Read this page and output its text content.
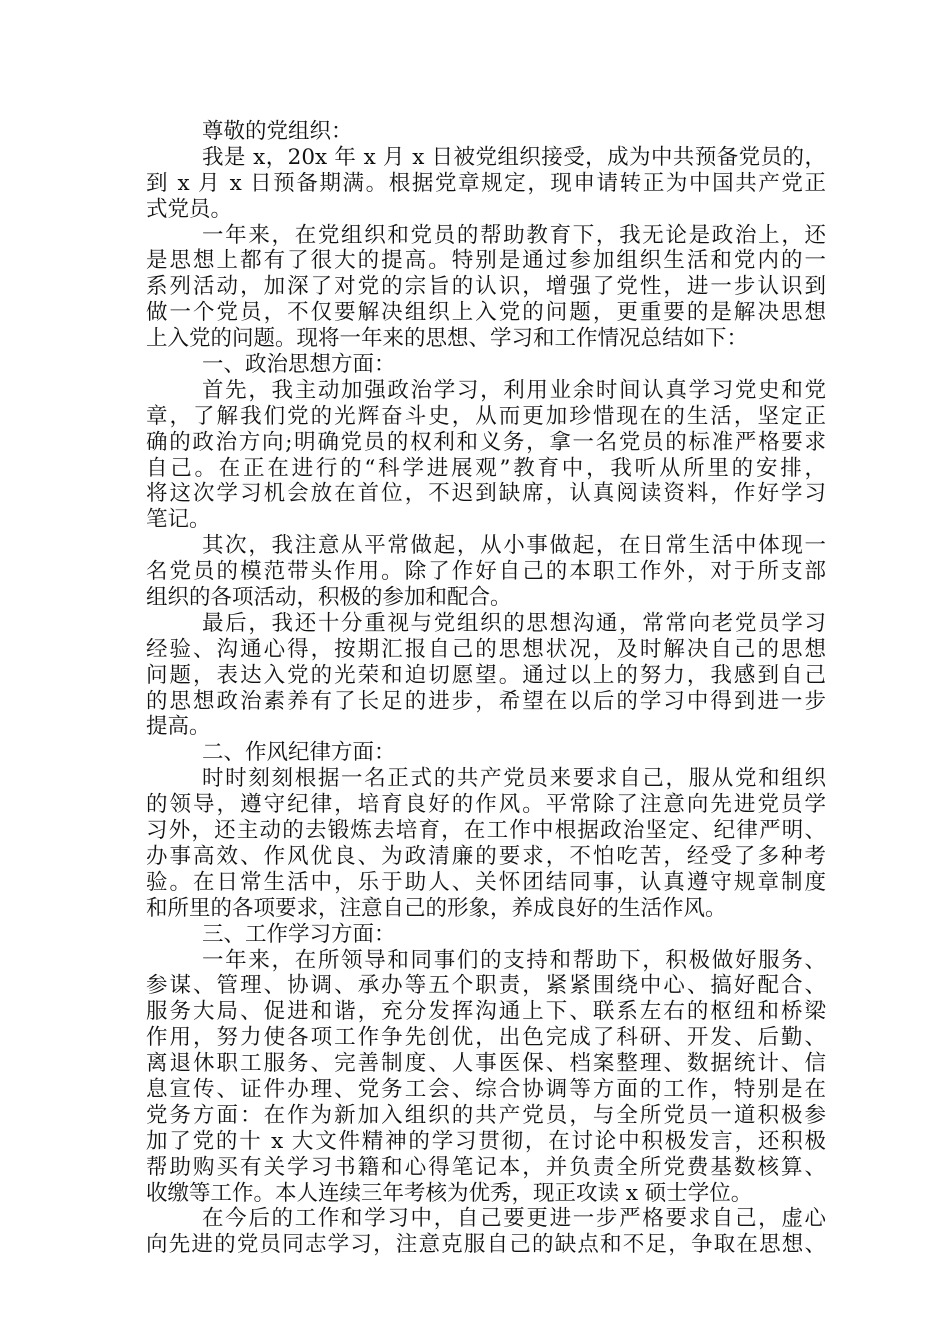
尊敬的党组织：
我是 x，20x 年 x 月 x 日被党组织接受，成为中共预备党员的，
到 x 月 x 日预备期满。根据党章规定，现申请转正为中国共产党正
式党员。
一年来，在党组织和党员的帮助教育下，我无论是政治上，还
是思想上都有了很大的提高。特别是通过参加组织生活和党内的一
系列活动，加深了对党的宗旨的认识，增强了党性，进一步认识到
做一个党员，不仅要解决组织上入党的问题，更重要的是解决思想
上入党的问题。现将一年来的思想、学习和工作情况总结如下：
一、政治思想方面：
首先，我主动加强政治学习，利用业余时间认真学习党史和党
章，了解我们党的光辉奋斗史，从而更加珍惜现在的生活，坚定正
确的政治方向;明确党员的权利和义务，拿一名党员的标准严格要求
自己。在正在进行的“科学进展观”教育中，我听从所里的安排，
将这次学习机会放在首位，不迟到缺席，认真阅读资料，作好学习
笔记。
其次，我注意从平常做起，从小事做起，在日常生活中体现一
名党员的模范带头作用。除了作好自己的本职工作外，对于所支部
组织的各项活动，积极的参加和配合。
最后，我还十分重视与党组织的思想沟通，常常向老党员学习
经验、沟通心得，按期汇报自己的思想状况，及时解决自己的思想
问题，表达入党的光荣和迫切愿望。通过以上的努力，我感到自己
的思想政治素养有了长足的进步，希望在以后的学习中得到进一步
提高。
二、作风纪律方面：
时时刻刻根据一名正式的共产党员来要求自己，服从党和组织
的领导，遵守纪律，培育良好的作风。平常除了注意向先进党员学
习外，还主动的去锻炼去培育，在工作中根据政治坚定、纪律严明、
办事高效、作风优良、为政清廉的要求，不怕吃苦，经受了多种考
验。在日常生活中，乐于助人、关怀团结同事，认真遵守规章制度
和所里的各项要求，注意自己的形象，养成良好的生活作风。
三、工作学习方面：
一年来，在所领导和同事们的支持和帮助下，积极做好服务、
参谋、管理、协调、承办等五个职责，紧紧围绕中心、搞好配合、
服务大局、促进和谐，充分发挥沟通上下、联系左右的枢纽和桥梁
作用，努力使各项工作争先创优，出色完成了科研、开发、后勤、
离退休职工服务、完善制度、人事医保、档案整理、数据统计、信
息宣传、证件办理、党务工会、综合协调等方面的工作，特别是在
党务方面：在作为新加入组织的共产党员，与全所党员一道积极参
加了党的十 x 大文件精神的学习贯彻，在讨论中积极发言，还积极
帮助购买有关学习书籍和心得笔记本，并负责全所党费基数核算、
收缴等工作。本人连续三年考核为优秀，现正攻读 x 硕士学位。
在今后的工作和学习中，自己要更进一步严格要求自己，虚心
向先进的党员同志学习，注意克服自己的缺点和不足，争取在思想、
